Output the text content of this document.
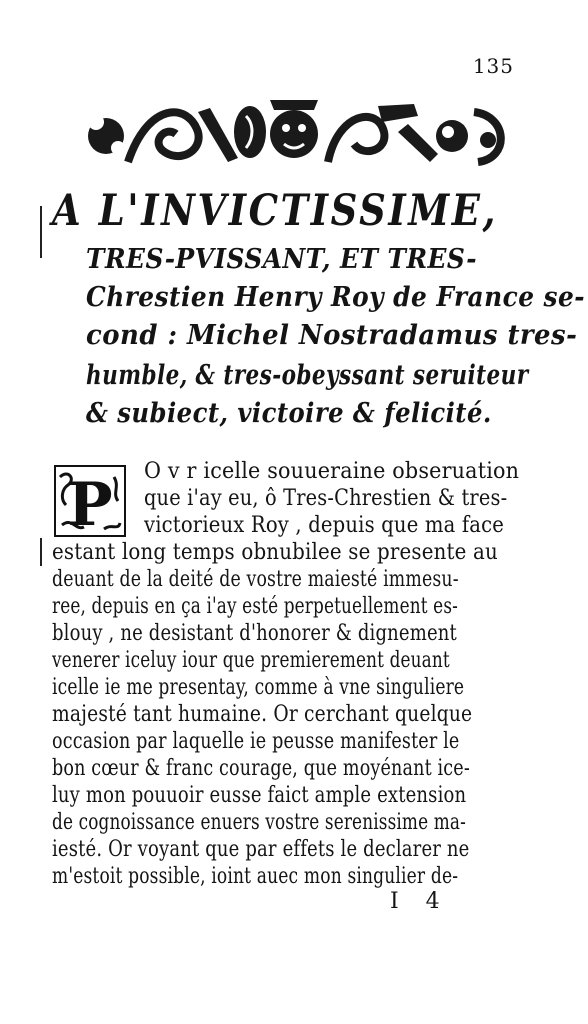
135
A L'INVICTISSIME,
TRES-PVISSANT, ET TRES-
Chrestien Henry Roy de France se-
cond : Michel Nostradamus tres-
humble, & tres-obeyssant seruiteur
& subiect, victoire & felicité.
P O v r icelle souueraine obseruation
que i'ay eu, ô Tres-Chrestien & tres-
victorieux Roy , depuis que ma face
estant long temps obnubilee se presente au
deuant de la deité de vostre maiesté immesu-
ree, depuis en ça i'ay esté perpetuellement es-
blouy , ne desistant d'honorer & dignement
venerer iceluy iour que premierement deuant
icelle ie me presentay, comme à vne singuliere
majesté tant humaine. Or cerchant quelque
occasion par laquelle ie peusse manifester le
bon cœur & franc courage, que moyénant ice-
luy mon pouuoir eusse faict ample extension
de cognoissance enuers vostre serenissime ma-
iesté. Or voyant que par effets le declarer ne
m'estoit possible, ioint auec mon singulier de-
I 4
